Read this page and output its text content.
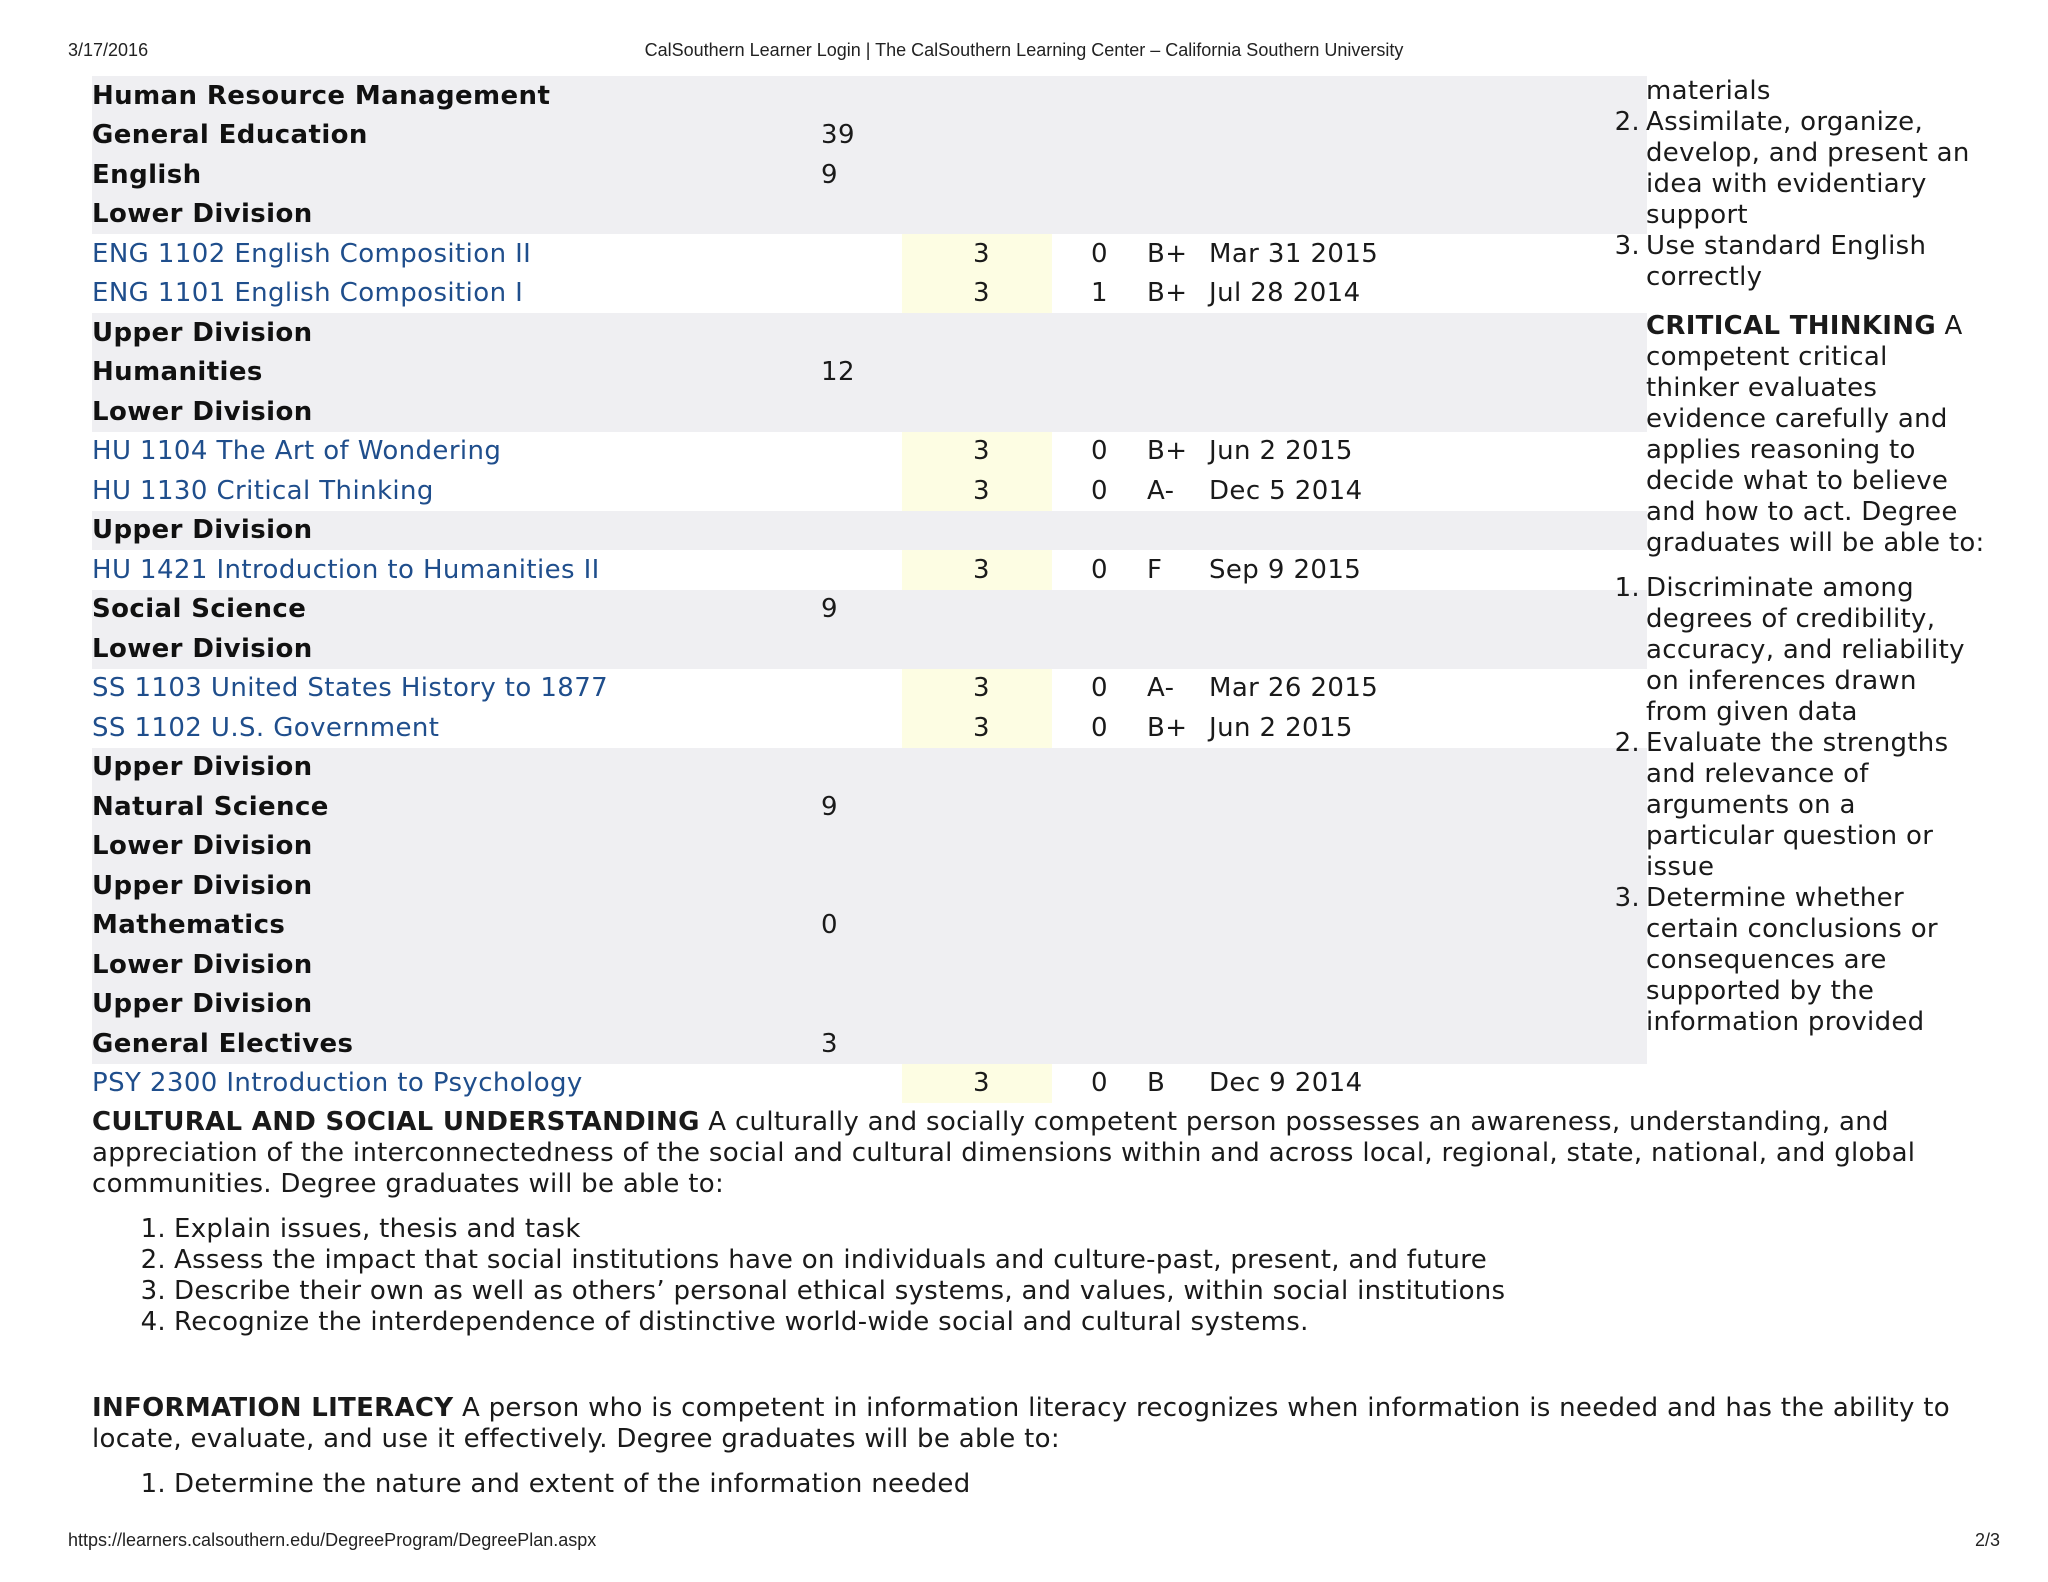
3/17/2016	CalSouthern Learner Login | The CalSouthern Learning Center – California Southern University
Human Resource Management				
General Education	39			
English	9			
Lower Division				
ENG 1102 English Composition II		3	0	B+ Mar 31 2015
ENG 1101 English Composition I		3	1	B+ Jul 28 2014
Upper Division				
Humanities	12			
Lower Division				
HU 1104 The Art of Wondering		3	0	B+ Jun 2 2015
HU 1130 Critical Thinking		3	0	A- Dec 5 2014
Upper Division				
HU 1421 Introduction to Humanities II		3	0	F Sep 9 2015
Social Science	9			
Lower Division				
SS 1103 United States History to 1877		3	0	A- Mar 26 2015
SS 1102 U.S. Government		3	0	B+ Jun 2 2015
Upper Division				
Natural Science	9			
Lower Division				
Upper Division				
Mathematics	0			
Lower Division				
Upper Division				
General Electives	3			
PSY 2300 Introduction to Psychology		3	0	B Dec 9 2014

materials

2. Assimilate, organize, develop, and present an idea with evidentiary support
3. Use standard English correctly

CRITICAL THINKING A competent critical thinker evaluates evidence carefully and applies reasoning to decide what to believe and how to act. Degree graduates will be able to:

1. Discriminate among degrees of credibility, accuracy, and reliability on inferences drawn from given data
2. Evaluate the strengths and relevance of arguments on a particular question or issue
3. Determine whether certain conclusions or consequences are supported by the information provided

CULTURAL AND SOCIAL UNDERSTANDING A culturally and socially competent person possesses an awareness, understanding, and appreciation of the interconnectedness of the social and cultural dimensions within and across local, regional, state, national, and global communities. Degree graduates will be able to:

1. Explain issues, thesis and task
2. Assess the impact that social institutions have on individuals and culture-past, present, and future
3. Describe their own as well as others’ personal ethical systems, and values, within social institutions
4. Recognize the interdependence of distinctive world-wide social and cultural systems.

INFORMATION LITERACY A person who is competent in information literacy recognizes when information is needed and has the ability to locate, evaluate, and use it effectively. Degree graduates will be able to:

1. Determine the nature and extent of the information needed
https://learners.calsouthern.edu/DegreeProgram/DegreePlan.aspx	2/3
